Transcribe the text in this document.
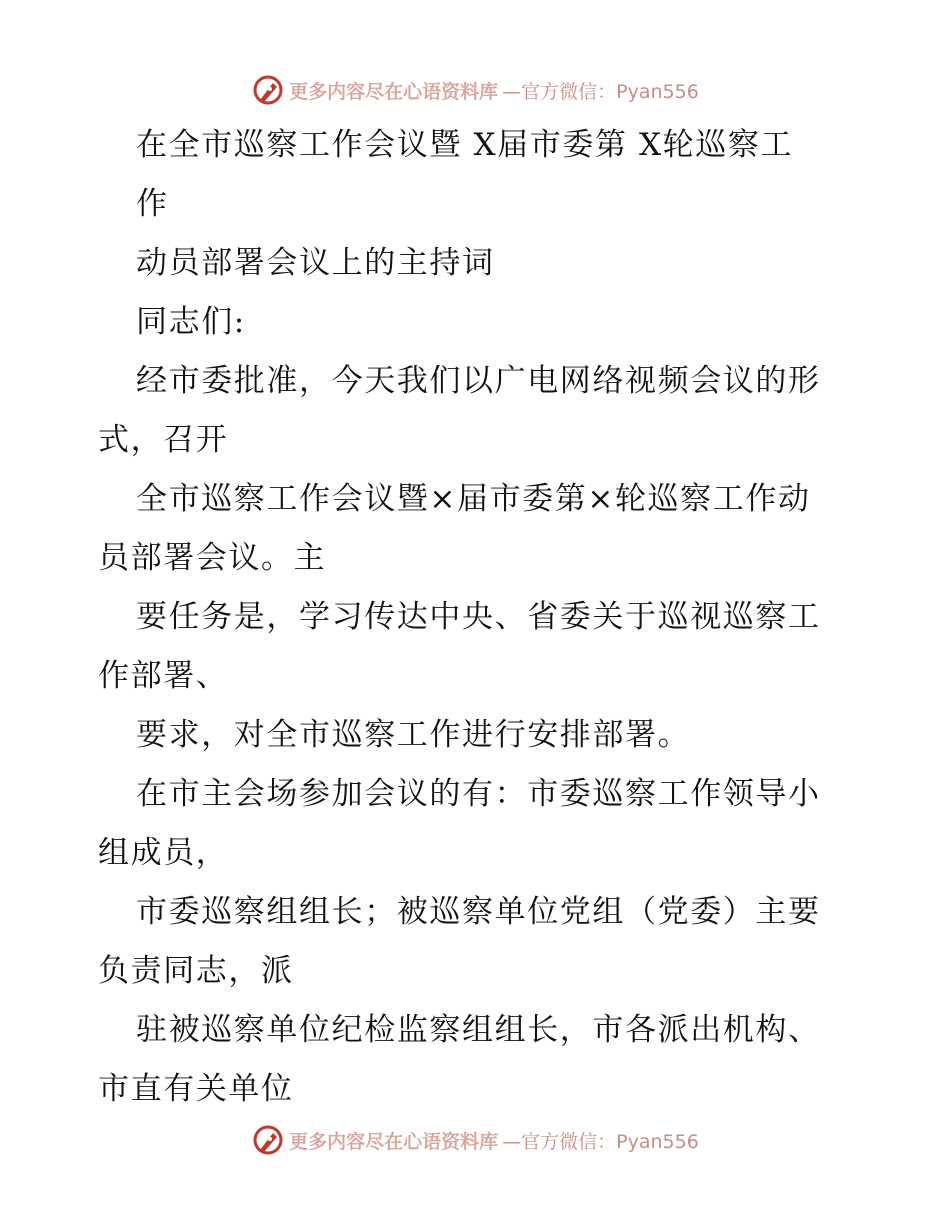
更多内容尽在心语资料库 —官方微信：Pyan556
在全市巡察工作会议暨 X届市委第 X轮巡察工
作
动员部署会议上的主持词
同志们:
经市委批准，今天我们以广电网络视频会议的形
式，召开
全市巡察工作会议暨×届市委第×轮巡察工作动
员部署会议。主
要任务是，学习传达中央、省委关于巡视巡察工
作部署、
要求，对全市巡察工作进行安排部署。
在市主会场参加会议的有：市委巡察工作领导小
组成员，
市委巡察组组长；被巡察单位党组（党委）主要
负责同志，派
驻被巡察单位纪检监察组组长，市各派出机构、
市直有关单位
更多内容尽在心语资料库 —官方微信：Pyan556
